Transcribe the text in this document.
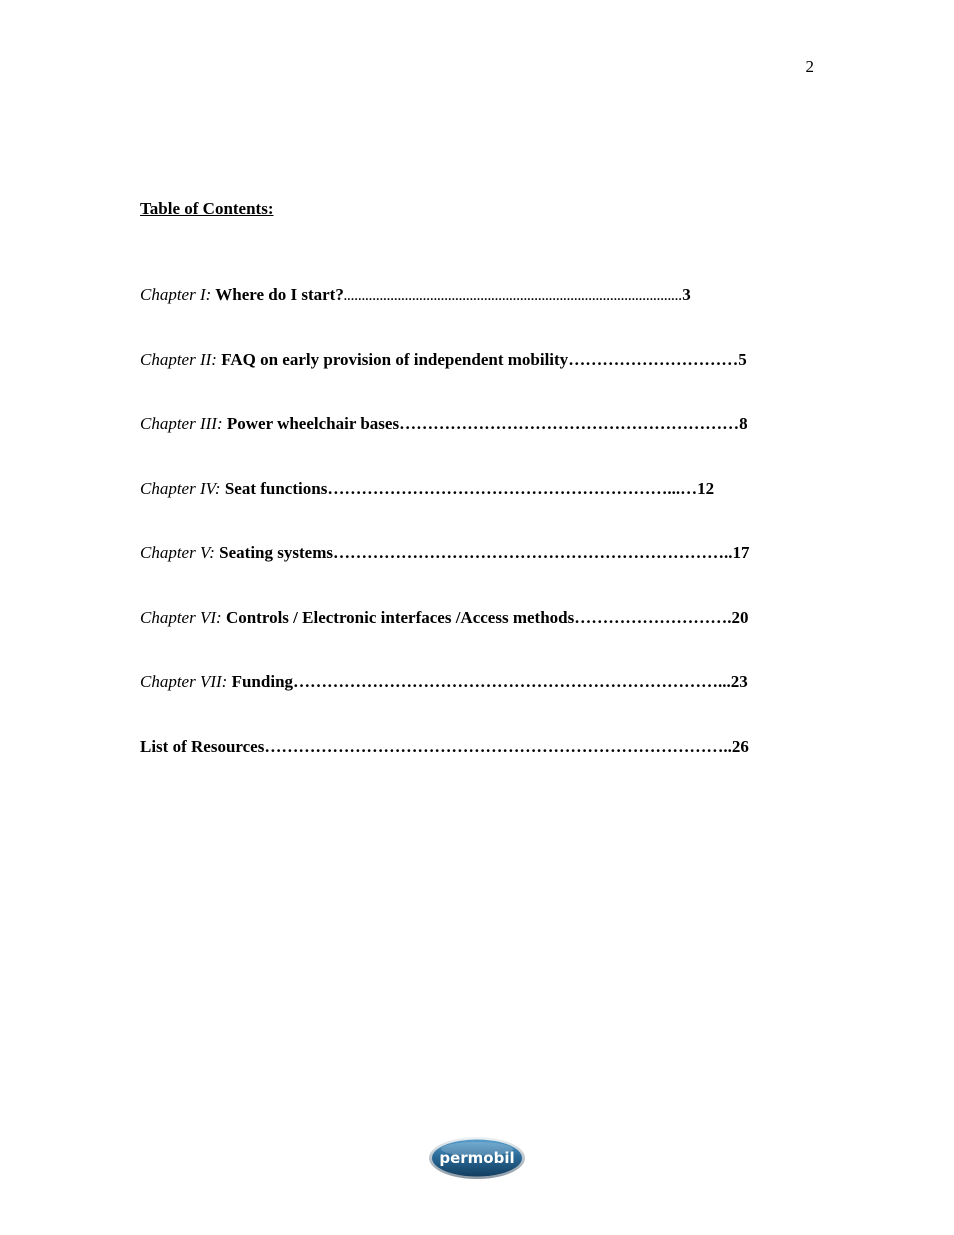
2
Table of Contents:
Chapter I: Where do I start?..............................................................................................3
Chapter II: FAQ on early provision of independent mobility…………………………5
Chapter III: Power wheelchair bases……………………………………………………8
Chapter IV: Seat functions……………………………………………………...…12
Chapter V: Seating systems……………………………………………………………..17
Chapter VI: Controls / Electronic interfaces /Access methods……………………….20
Chapter VII: Funding…………………………………………………………………...23
List of Resources………………………………………………………………………..26
permobil
